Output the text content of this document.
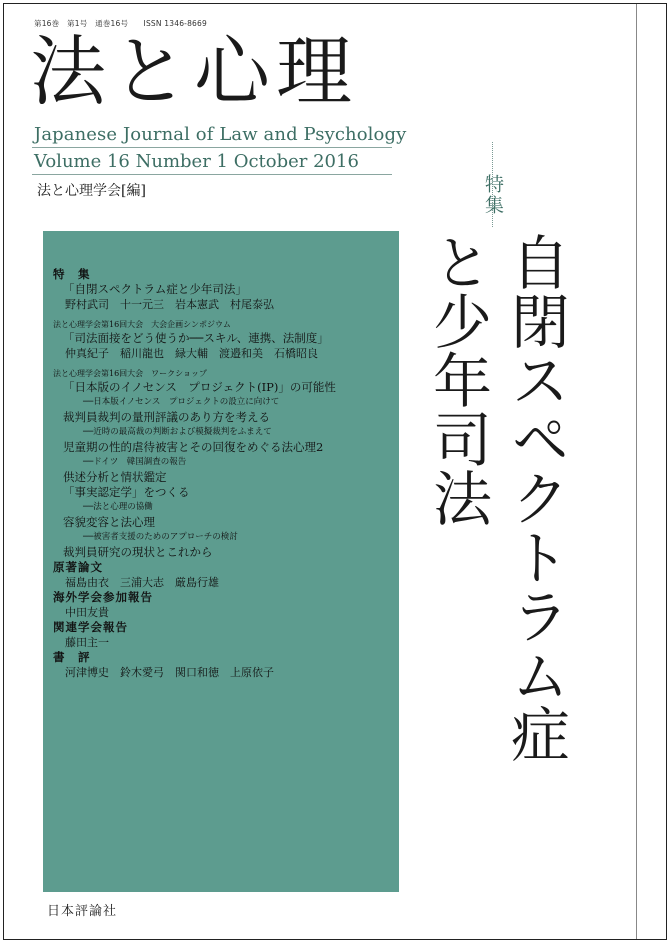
第16巻　第1号　通巻16号　　ISSN 1346-8669
法と心理
Japanese Journal of Law and Psychology
Volume 16 Number 1 October 2016
法と心理学会[編]	特集
自閉スペクトラム症と少年司法
特　集
「自閉スペクトラム症と少年司法」
野村武司　十一元三　岩本憲武　村尾泰弘
法と心理学会第16回大会　大会企画シンポジウム
「司法面接をどう使うか──スキル、連携、法制度」
仲真紀子　稲川龍也　緑大輔　渡邉和美　石橋昭良
法と心理学会第16回大会　ワークショップ
「日本版のイノセンス　プロジェクト(IP)」の可能性
──日本版イノセンス　プロジェクトの設立に向けて
裁判員裁判の量刑評議のあり方を考える
──近時の最高裁の判断および模擬裁判をふまえて
児童期の性的虐待被害とその回復をめぐる法心理2
──ドイツ　韓国調査の報告
供述分析と情状鑑定
「事実認定学」をつくる
──法と心理の協働
容貌変容と法心理
──被害者支援のためのアプローチの検討
裁判員研究の現状とこれから
原著論文
福島由衣　三浦大志　厳島行雄
海外学会参加報告
中田友貴
関連学会報告
藤田主一
書　評
河津博史　鈴木愛弓　関口和徳　上原依子
日本評論社
